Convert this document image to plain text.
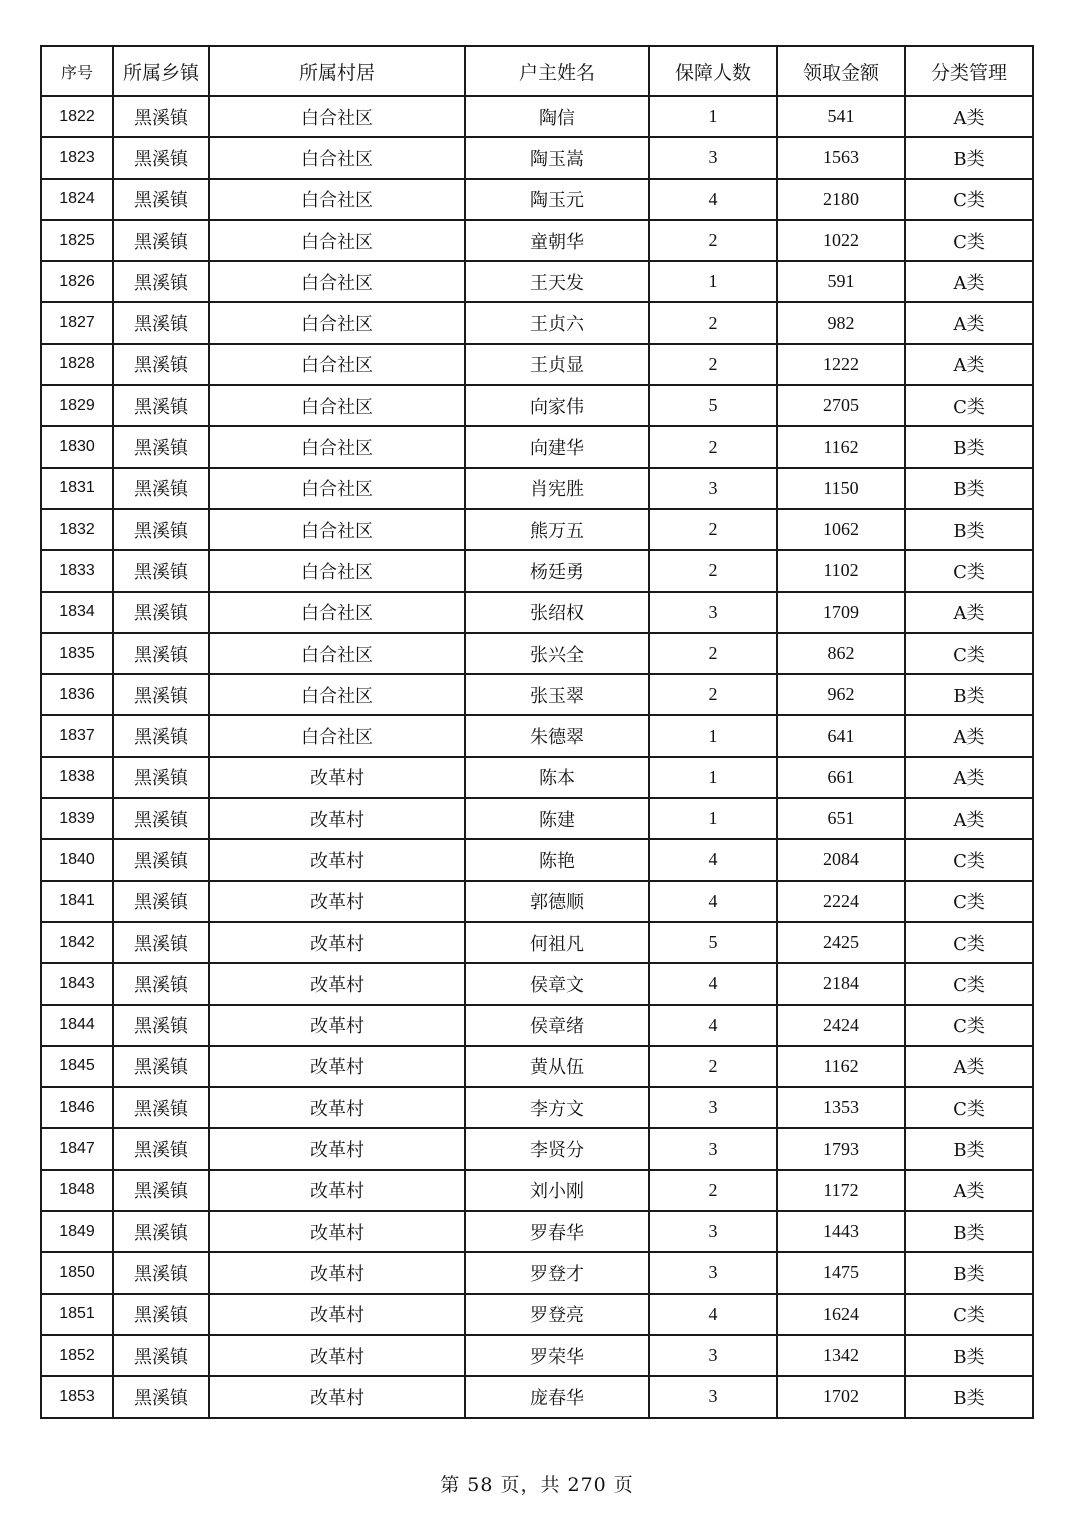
序号	所属乡镇	所属村居	户主姓名	保障人数	领取金额	分类管理
1822	黑溪镇	白合社区	陶信	1	541	A类
1823	黑溪镇	白合社区	陶玉嵩	3	1563	B类
1824	黑溪镇	白合社区	陶玉元	4	2180	C类
1825	黑溪镇	白合社区	童朝华	2	1022	C类
1826	黑溪镇	白合社区	王天发	1	591	A类
1827	黑溪镇	白合社区	王贞六	2	982	A类
1828	黑溪镇	白合社区	王贞显	2	1222	A类
1829	黑溪镇	白合社区	向家伟	5	2705	C类
1830	黑溪镇	白合社区	向建华	2	1162	B类
1831	黑溪镇	白合社区	肖宪胜	3	1150	B类
1832	黑溪镇	白合社区	熊万五	2	1062	B类
1833	黑溪镇	白合社区	杨廷勇	2	1102	C类
1834	黑溪镇	白合社区	张绍权	3	1709	A类
1835	黑溪镇	白合社区	张兴全	2	862	C类
1836	黑溪镇	白合社区	张玉翠	2	962	B类
1837	黑溪镇	白合社区	朱德翠	1	641	A类
1838	黑溪镇	改革村	陈本	1	661	A类
1839	黑溪镇	改革村	陈建	1	651	A类
1840	黑溪镇	改革村	陈艳	4	2084	C类
1841	黑溪镇	改革村	郭德顺	4	2224	C类
1842	黑溪镇	改革村	何祖凡	5	2425	C类
1843	黑溪镇	改革村	侯章文	4	2184	C类
1844	黑溪镇	改革村	侯章绪	4	2424	C类
1845	黑溪镇	改革村	黄从伍	2	1162	A类
1846	黑溪镇	改革村	李方文	3	1353	C类
1847	黑溪镇	改革村	李贤分	3	1793	B类
1848	黑溪镇	改革村	刘小刚	2	1172	A类
1849	黑溪镇	改革村	罗春华	3	1443	B类
1850	黑溪镇	改革村	罗登才	3	1475	B类
1851	黑溪镇	改革村	罗登亮	4	1624	C类
1852	黑溪镇	改革村	罗荣华	3	1342	B类
1853	黑溪镇	改革村	庞春华	3	1702	B类
第 58 页，共 270 页
